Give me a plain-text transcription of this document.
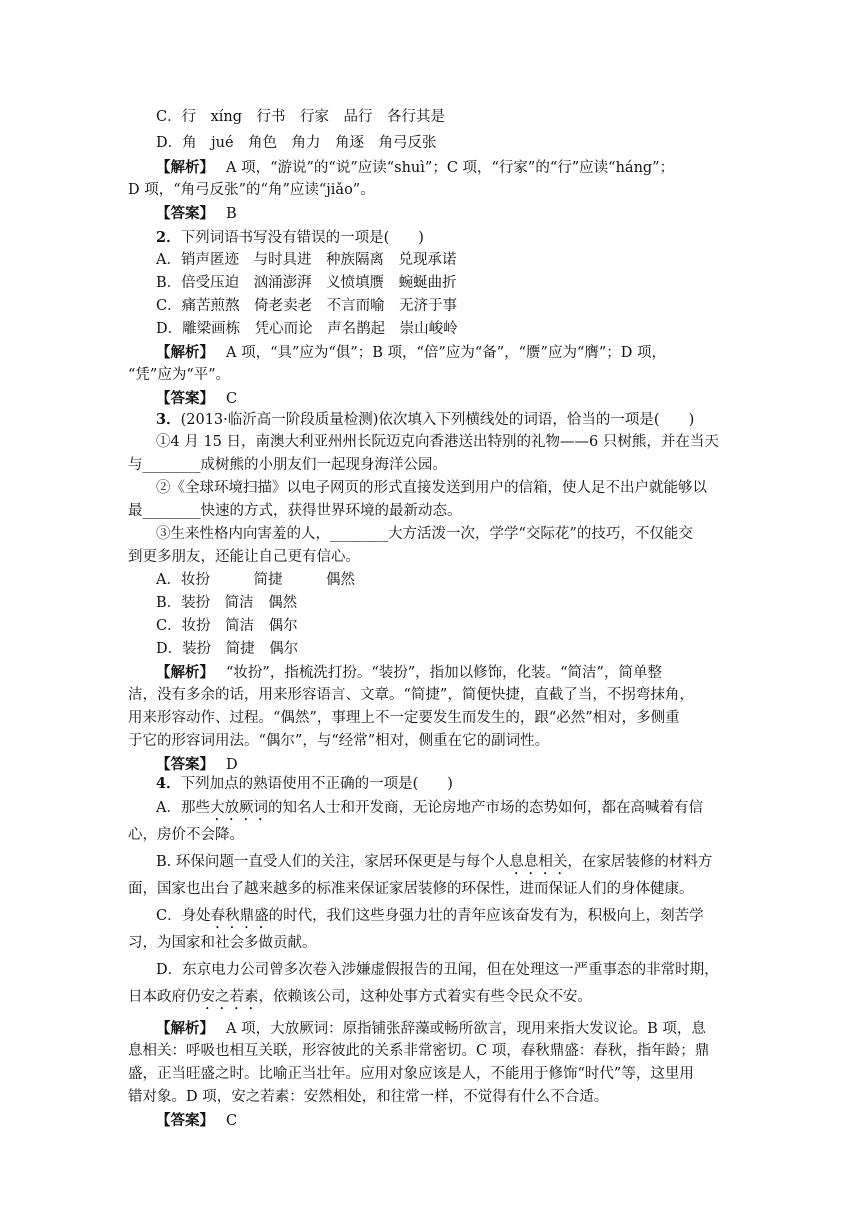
C．行　xíng　行书　行家　品行　各行其是
D．角　jué　角色　角力　角逐　角弓反张
【解析】 A 项，“游说”的“说”应读“shuì”；C 项，“行家”的“行”应读“háng”；
D 项，“角弓反张”的“角”应读“jiǎo”。
【答案】 B
2．下列词语书写没有错误的一项是(　　)
A．销声匿迹　与时具进　种族隔离　兑现承诺
B．倍受压迫　汹涌澎湃　义愤填赝　蜿蜒曲折
C．痛苦煎熬　倚老卖老　不言而喻　无济于事
D．雕梁画栋　凭心而论　声名鹊起　崇山峻岭
【解析】 A 项，“具”应为“俱”；B 项，“倍”应为“备”，“赝”应为“膺”；D 项，
“凭”应为“平”。
【答案】 C
3．(2013·临沂高一阶段质量检测)依次填入下列横线处的词语，恰当的一项是(　　)
①4 月 15 日，南澳大利亚州州长阮迈克向香港送出特别的礼物——6 只树熊，并在当天
与________成树熊的小朋友们一起现身海洋公园。
②《全球环境扫描》以电子网页的形式直接发送到用户的信箱，使人足不出户就能够以
最________快速的方式，获得世界环境的最新动态。
③生来性格内向害羞的人，________大方活泼一次，学学“交际花”的技巧，不仅能交
到更多朋友，还能让自己更有信心。
A．妆扮　　　简捷　　　偶然
B．装扮　简洁　偶然
C．妆扮　简洁　偶尔
D．装扮　简捷　偶尔
【解析】 “妆扮”，指梳洗打扮。“装扮”，指加以修饰，化装。“简洁”，简单整
洁，没有多余的话，用来形容语言、文章。“简捷”，简便快捷，直截了当，不拐弯抹角，
用来形容动作、过程。“偶然”，事理上不一定要发生而发生的，跟“必然”相对，多侧重
于它的形容词用法。“偶尔”，与“经常”相对，侧重在它的副词性。
【答案】 D
4．下列加点的熟语使用不正确的一项是(　　)
A．那些大放厥词的知名人士和开发商，无论房地产市场的态势如何，都在高喊着有信
心，房价不会降。
B. 环保问题一直受人们的关注，家居环保更是与每个人息息相关，在家居装修的材料方
面，国家也出台了越来越多的标准来保证家居装修的环保性，进而保证人们的身体健康。
C．身处春秋鼎盛的时代，我们这些身强力壮的青年应该奋发有为，积极向上，刻苦学
习，为国家和社会多做贡献。
D．东京电力公司曾多次卷入涉嫌虚假报告的丑闻，但在处理这一严重事态的非常时期，
日本政府仍安之若素，依赖该公司，这种处事方式着实有些令民众不安。
【解析】 A 项，大放厥词：原指铺张辞藻或畅所欲言，现用来指大发议论。B 项，息
息相关：呼吸也相互关联，形容彼此的关系非常密切。C 项，春秋鼎盛：春秋，指年龄；鼎
盛，正当旺盛之时。比喻正当壮年。应用对象应该是人，不能用于修饰“时代”等，这里用
错对象。D 项，安之若素：安然相处，和往常一样，不觉得有什么不合适。
【答案】 C
